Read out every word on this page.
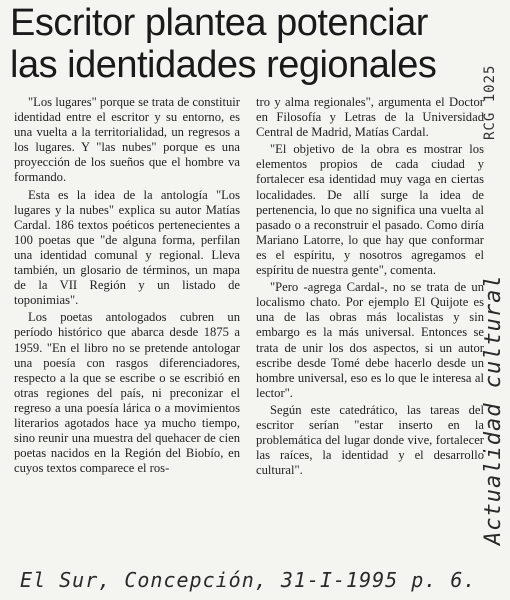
Escritor plantea potenciar
las identidades regionales

"Los lugares" porque se trata de constituir identidad entre el escritor y su entorno, es una vuelta a la territorialidad, un regresos a los lugares. Y "las nubes" porque es una proyección de los sueños que el hombre va formando.

Esta es la idea de la antología "Los lugares y la nubes" explica su autor Matías Cardal. 186 textos poéticos pertenecientes a 100 poetas que "de alguna forma, perfilan una identidad comunal y regional. Lleva también, un glosario de términos, un mapa de la VII Región y un listado de toponimias".

Los poetas antologados cubren un período histórico que abarca desde 1875 a 1959. "En el libro no se pretende antologar una poesía con rasgos diferenciadores, respecto a la que se escribe o se escribió en otras regiones del país, ni preconizar el regreso a una poesía lárica o a movimientos literarios agotados hace ya mucho tiempo, sino reunir una muestra del quehacer de cien poetas nacidos en la Región del Biobío, en cuyos textos comparece el ros-

tro y alma regionales", argumenta el Doctor en Filosofía y Letras de la Universidad Central de Madrid, Matías Cardal.

"El objetivo de la obra es mostrar los elementos propios de cada ciudad y fortalecer esa identidad muy vaga en ciertas localidades. De allí surge la idea de pertenencia, lo que no significa una vuelta al pasado o a reconstruir el pasado. Como diría Mariano Latorre, lo que hay que conformar es el espíritu, y nosotros agregamos el espíritu de nuestra gente", comenta.

"Pero -agrega Cardal-, no se trata de un localismo chato. Por ejemplo El Quijote es una de las obras más localistas y sin embargo es la más universal. Entonces se trata de unir los dos aspectos, si un autor escribe desde Tomé debe hacerlo desde un hombre universal, eso es lo que le interesa al lector".

Según este catedrático, las tareas del escritor serían "estar inserto en la problemática del lugar donde vive, fortalecer las raíces, la identidad y el desarrollo cultural".

RCG 1025
Actualidad cultural
El Sur, Concepción, 31-I-1995 p. 6.
